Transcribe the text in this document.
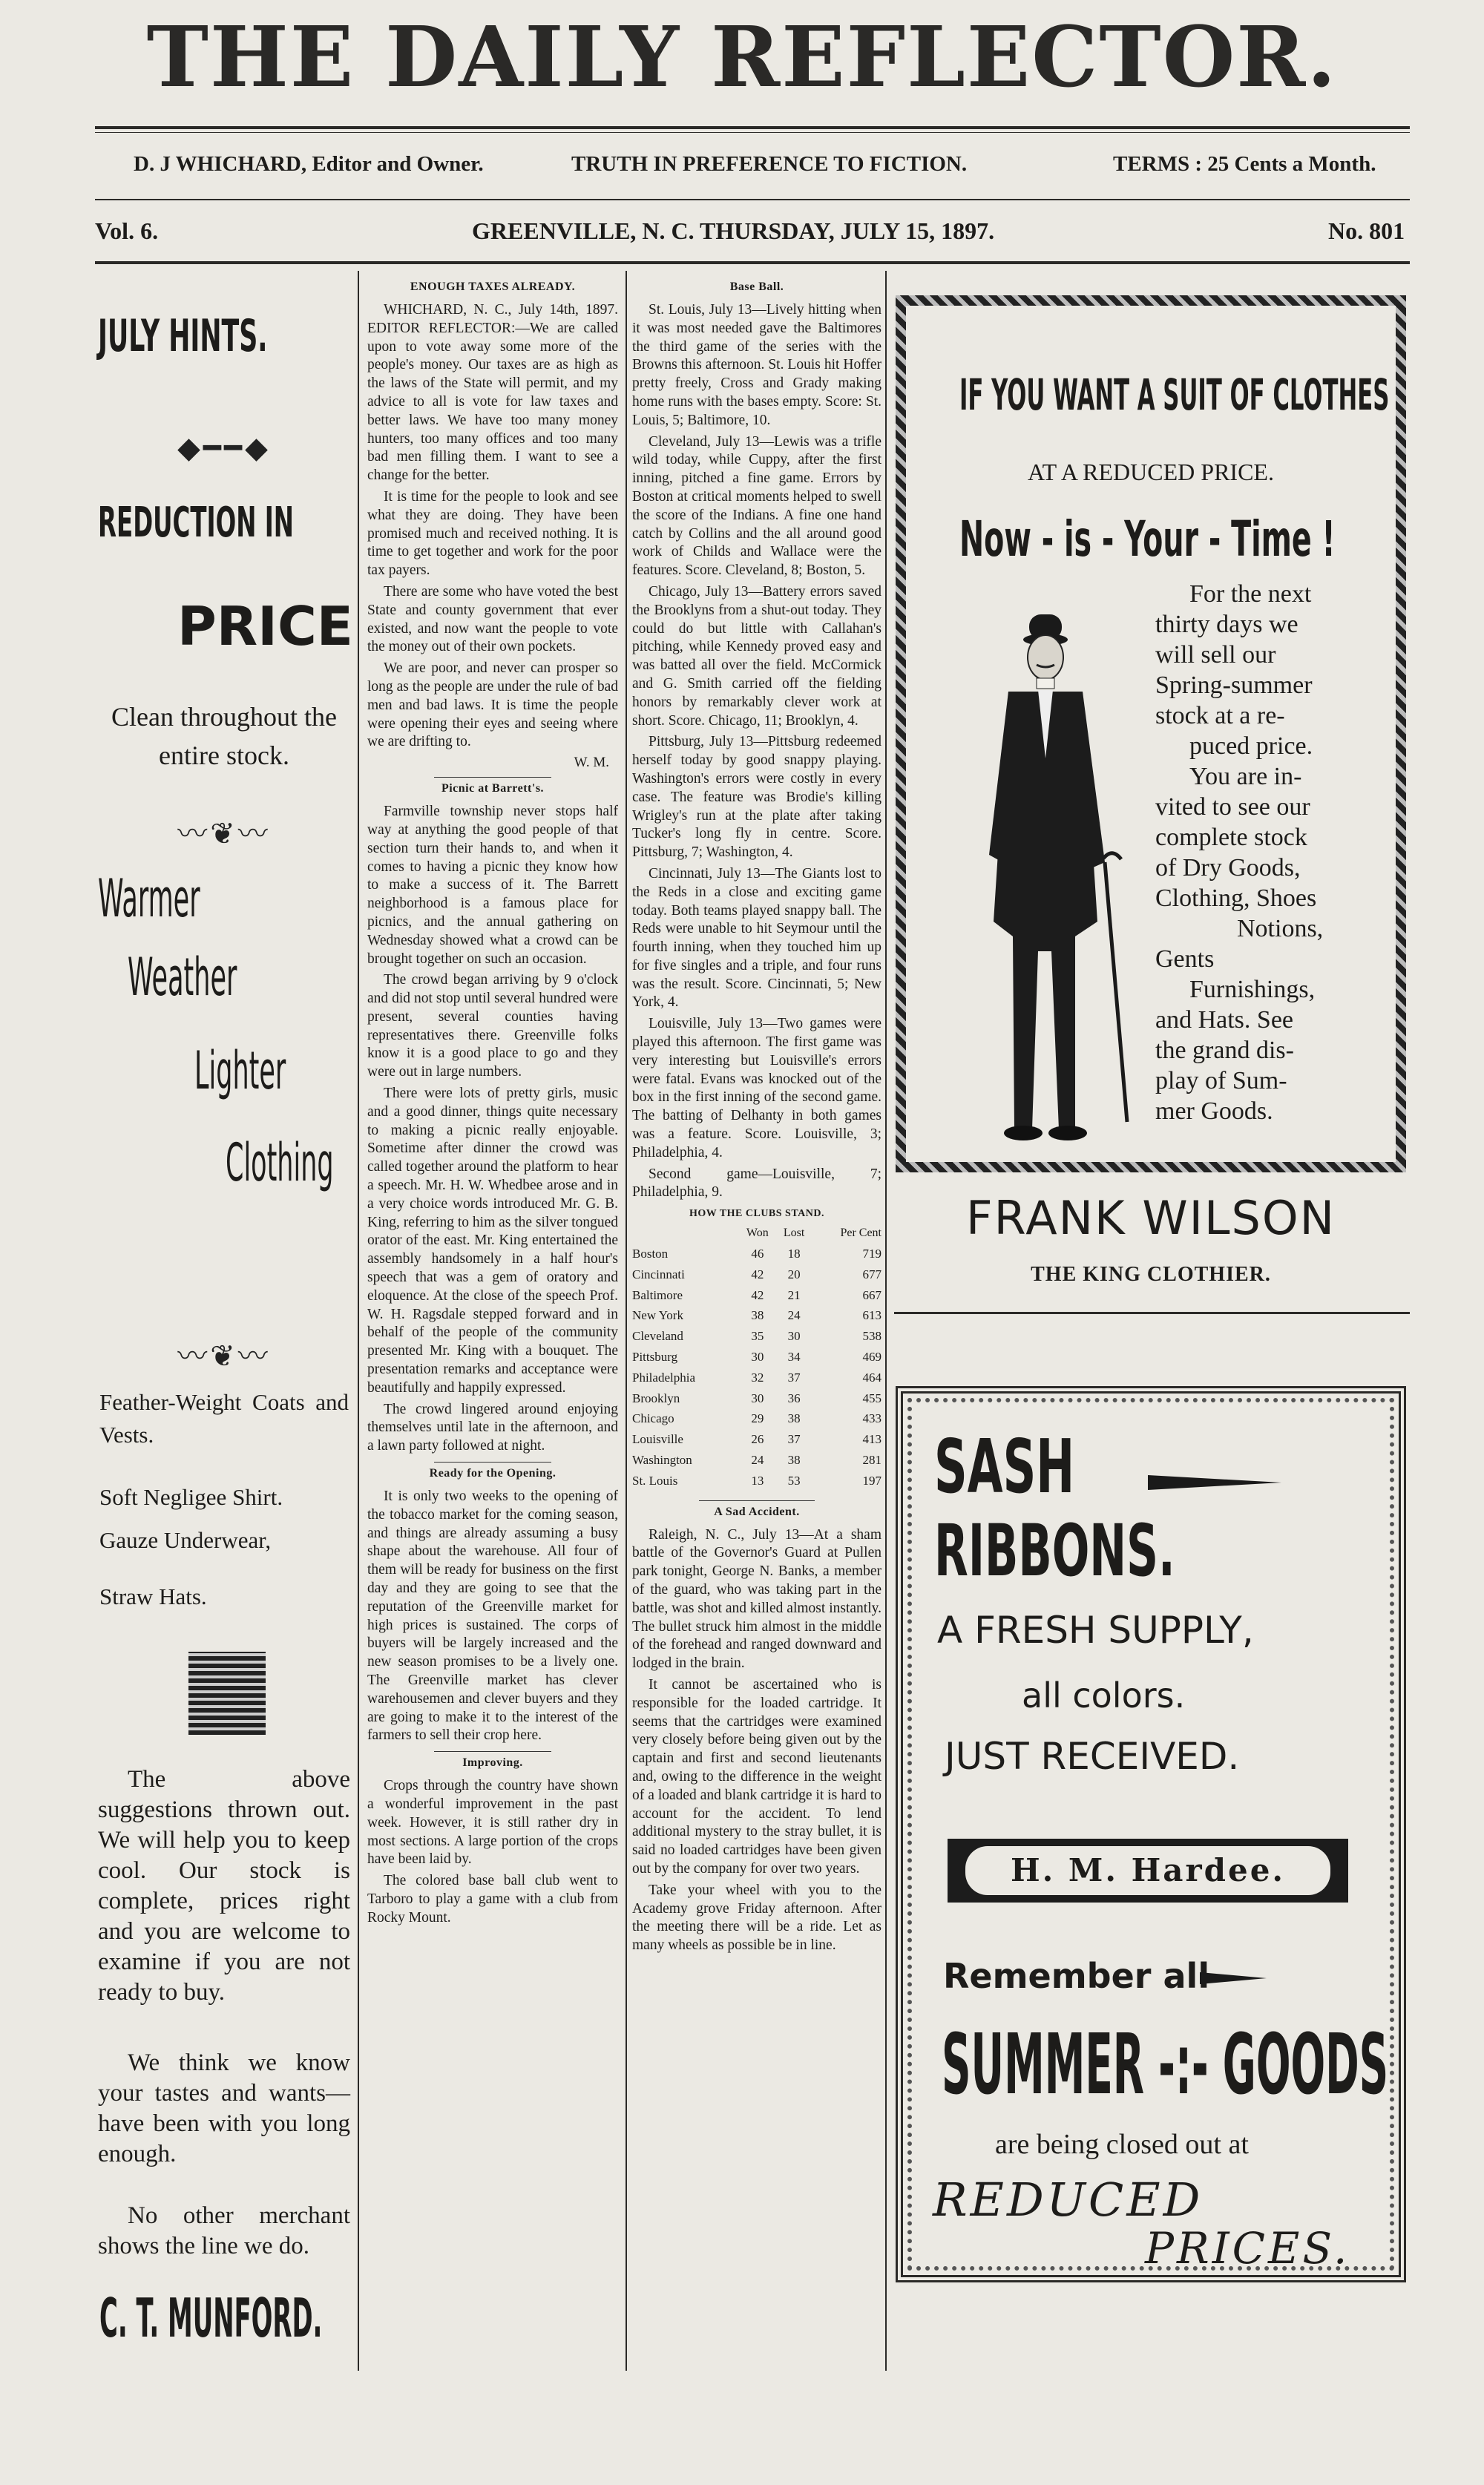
THE DAILY REFLECTOR.
D. J WHICHARD, Editor and Owner.	TRUTH IN PREFERENCE TO FICTION.	TERMS : 25 Cents a Month.
Vol. 6.	GREENVILLE, N. C. THURSDAY, JULY 15, 1897.	No. 801
JULY HINTS.
◆━━◆
REDUCTION IN
PRICE
Clean throughout the entire stock.
〰❦〰
Warmer
Weather
Lighter
Clothing
〰❦〰
Feather-Weight Coats and Vests.
Soft Negligee Shirt.
Gauze Underwear,
Straw Hats.
The above suggestions thrown out. We will help you to keep cool. Our stock is complete, prices right and you are welcome to examine if you are not ready to buy.
We think we know your tastes and wants—have been with you long enough.
No other merchant shows the line we do.
C. T. MUNFORD.
ENOUGH TAXES ALREADY.

WHICHARD, N. C., July 14th, 1897. EDITOR REFLECTOR:—We are called upon to vote away some more of the people's money. Our taxes are as high as the laws of the State will permit, and my advice to all is vote for law taxes and better laws. We have too many money hunters, too many offices and too many bad men filling them. I want to see a change for the better.

It is time for the people to look and see what they are doing. They have been promised much and received nothing. It is time to get together and work for the poor tax payers.

There are some who have voted the best State and county government that ever existed, and now want the people to vote the money out of their own pockets.

We are poor, and never can prosper so long as the people are under the rule of bad men and bad laws. It is time the people were opening their eyes and seeing where we are drifting to.

W. M.
Picnic at Barrett's.

Farmville township never stops half way at anything the good people of that section turn their hands to, and when it comes to having a picnic they know how to make a success of it. The Barrett neighborhood is a famous place for picnics, and the annual gathering on Wednesday showed what a crowd can be brought together on such an occasion.

The crowd began arriving by 9 o'clock and did not stop until several hundred were present, several counties having representatives there. Greenville folks know it is a good place to go and they were out in large numbers.

There were lots of pretty girls, music and a good dinner, things quite necessary to making a picnic really enjoyable. Sometime after dinner the crowd was called together around the platform to hear a speech. Mr. H. W. Whedbee arose and in a very choice words introduced Mr. G. B. King, referring to him as the silver tongued orator of the east. Mr. King entertained the assembly handsomely in a half hour's speech that was a gem of oratory and eloquence. At the close of the speech Prof. W. H. Ragsdale stepped forward and in behalf of the people of the community presented Mr. King with a bouquet. The presentation remarks and acceptance were beautifully and happily expressed.

The crowd lingered around enjoying themselves until late in the afternoon, and a lawn party followed at night.

Ready for the Opening.

It is only two weeks to the opening of the tobacco market for the coming season, and things are already assuming a busy shape about the warehouse. All four of them will be ready for business on the first day and they are going to see that the reputation of the Greenville market for high prices is sustained. The corps of buyers will be largely increased and the new season promises to be a lively one. The Greenville market has clever warehousemen and clever buyers and they are going to make it to the interest of the farmers to sell their crop here.

Improving.

Crops through the country have shown a wonderful improvement in the past week. However, it is still rather dry in most sections. A large portion of the crops have been laid by.

The colored base ball club went to Tarboro to play a game with a club from Rocky Mount.

Base Ball.

St. Louis, July 13—Lively hitting when it was most needed gave the Baltimores the third game of the series with the Browns this afternoon. St. Louis hit Hoffer pretty freely, Cross and Grady making home runs with the bases empty. Score: St. Louis, 5; Baltimore, 10.

Cleveland, July 13—Lewis was a trifle wild today, while Cuppy, after the first inning, pitched a fine game. Errors by Boston at critical moments helped to swell the score of the Indians. A fine one hand catch by Collins and the all around good work of Childs and Wallace were the features. Score. Cleveland, 8; Boston, 5.

Chicago, July 13—Battery errors saved the Brooklyns from a shut-out today. They could do but little with Callahan's pitching, while Kennedy proved easy and was batted all over the field. McCormick and G. Smith carried off the fielding honors by remarkably clever work at short. Score. Chicago, 11; Brooklyn, 4.

Pittsburg, July 13—Pittsburg redeemed herself today by good snappy playing. Washington's errors were costly in every case. The feature was Brodie's killing Wrigley's run at the plate after taking Tucker's long fly in centre. Score. Pittsburg, 7; Washington, 4.

Cincinnati, July 13—The Giants lost to the Reds in a close and exciting game today. Both teams played snappy ball. The Reds were unable to hit Seymour until the fourth inning, when they touched him up for five singles and a triple, and four runs was the result. Score. Cincinnati, 5; New York, 4.

Louisville, July 13—Two games were played this afternoon. The first game was very interesting but Louisville's errors were fatal. Evans was knocked out of the box in the first inning of the second game. The batting of Delhanty in both games was a feature. Score. Louisville, 3; Philadelphia, 4.

Second game—Louisville, 7; Philadelphia, 9.

HOW THE CLUBS STAND.
	Won	Lost	Per Cent
Boston	46	18	719
Cincinnati	42	20	677
Baltimore	42	21	667
New York	38	24	613
Cleveland	35	30	538
Pittsburg	30	34	469
Philadelphia	32	37	464
Brooklyn	30	36	455
Chicago	29	38	433
Louisville	26	37	413
Washington	24	38	281
St. Louis	13	53	197
A Sad Accident.

Raleigh, N. C., July 13—At a sham battle of the Governor's Guard at Pullen park tonight, George N. Banks, a member of the guard, who was taking part in the battle, was shot and killed almost instantly. The bullet struck him almost in the middle of the forehead and ranged downward and lodged in the brain.

It cannot be ascertained who is responsible for the loaded cartridge. It seems that the cartridges were examined very closely before being given out by the captain and first and second lieutenants and, owing to the difference in the weight of a loaded and blank cartridge it is hard to account for the accident. To lend additional mystery to the stray bullet, it is said no loaded cartridges have been given out by the company for over two years.

Take your wheel with you to the Academy grove Friday afternoon. After the meeting there will be a ride. Let as many wheels as possible be in line.

IF YOU WANT A SUIT OF CLOTHES
AT A REDUCED PRICE.
Now - is - Your - Time !
For the next
thirty days we
will sell our
Spring-summer
stock at a re-
puced price.
You are in-
vited to see our
complete stock
of Dry Goods,
Clothing, Shoes
Notions,
Gents
Furnishings,
and Hats. See
the grand dis-
play of Sum-
mer Goods.
FRANK WILSON
THE KING CLOTHIER.
SASH
RIBBONS.
A FRESH SUPPLY,
all colors.
JUST RECEIVED.
H. M. Hardee.
Remember all
SUMMER -:- GOODS
are being closed out at
REDUCED
PRICES.
